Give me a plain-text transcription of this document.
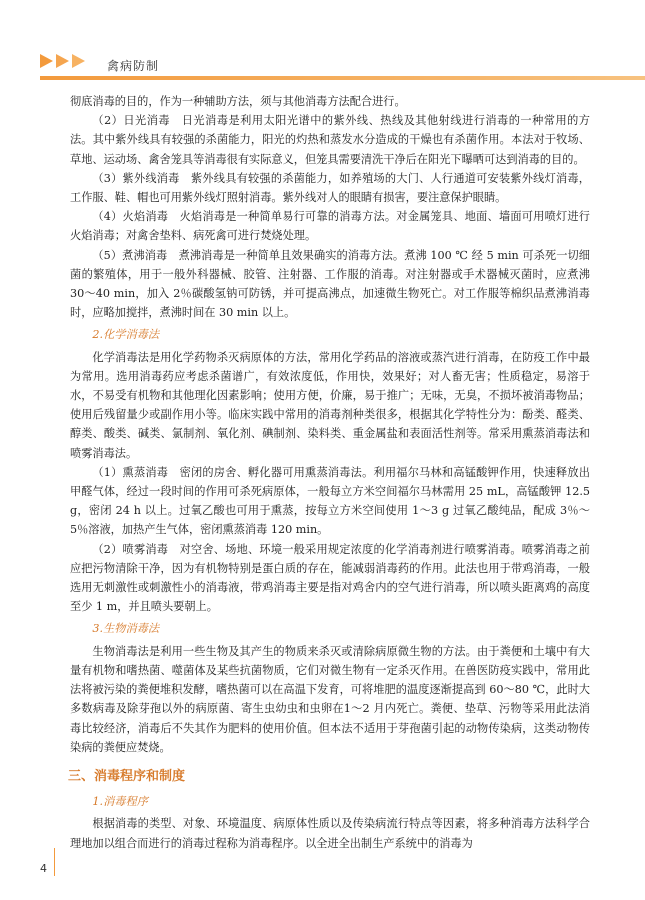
禽病防制

彻底消毒的目的，作为一种辅助方法，须与其他消毒方法配合进行。

（2）日光消毒　日光消毒是利用太阳光谱中的紫外线、热线及其他射线进行消毒的一种常用的方法。其中紫外线具有较强的杀菌能力，阳光的灼热和蒸发水分造成的干燥也有杀菌作用。本法对于牧场、草地、运动场、禽舍笼具等消毒很有实际意义，但笼具需要清洗干净后在阳光下曝晒可达到消毒的目的。

（3）紫外线消毒　紫外线具有较强的杀菌能力，如养殖场的大门、人行通道可安装紫外线灯消毒，工作服、鞋、帽也可用紫外线灯照射消毒。紫外线对人的眼睛有损害，要注意保护眼睛。

（4）火焰消毒　火焰消毒是一种简单易行可靠的消毒方法。对金属笼具、地面、墙面可用喷灯进行火焰消毒；对禽舍垫料、病死禽可进行焚烧处理。

（5）煮沸消毒　煮沸消毒是一种简单且效果确实的消毒方法。煮沸 100 ℃ 经 5 min 可杀死一切细菌的繁殖体，用于一般外科器械、胶管、注射器、工作服的消毒。对注射器或手术器械灭菌时，应煮沸 30～40 min，加入 2％碳酸氢钠可防锈，并可提高沸点，加速微生物死亡。对工作服等棉织品煮沸消毒时，应略加搅拌，煮沸时间在 30 min 以上。

2.化学消毒法

化学消毒法是用化学药物杀灭病原体的方法，常用化学药品的溶液或蒸汽进行消毒，在防疫工作中最为常用。选用消毒药应考虑杀菌谱广，有效浓度低，作用快，效果好；对人畜无害；性质稳定，易溶于水，不易受有机物和其他理化因素影响；使用方便，价廉，易于推广；无味，无臭，不损坏被消毒物品；使用后残留量少或副作用小等。临床实践中常用的消毒剂种类很多，根据其化学特性分为：酚类、醛类、醇类、酸类、碱类、氯制剂、氧化剂、碘制剂、染料类、重金属盐和表面活性剂等。常采用熏蒸消毒法和喷雾消毒法。

（1）熏蒸消毒　密闭的房舍、孵化器可用熏蒸消毒法。利用福尔马林和高锰酸钾作用，快速释放出甲醛气体，经过一段时间的作用可杀死病原体，一般每立方米空间福尔马林需用 25 mL，高锰酸钾 12.5 g，密闭 24 h 以上。过氧乙酸也可用于熏蒸，按每立方米空间使用 1～3 g 过氧乙酸纯品，配成 3％～5％溶液，加热产生气体，密闭熏蒸消毒 120 min。

（2）喷雾消毒　对空舍、场地、环境一般采用规定浓度的化学消毒剂进行喷雾消毒。喷雾消毒之前应把污物清除干净，因为有机物特别是蛋白质的存在，能减弱消毒药的作用。此法也用于带鸡消毒，一般选用无刺激性或刺激性小的消毒液，带鸡消毒主要是指对鸡舍内的空气进行消毒，所以喷头距离鸡的高度至少 1 m，并且喷头要朝上。

3.生物消毒法

生物消毒法是利用一些生物及其产生的物质来杀灭或清除病原微生物的方法。由于粪便和土壤中有大量有机物和嗜热菌、噬菌体及某些抗菌物质，它们对微生物有一定杀灭作用。在兽医防疫实践中，常用此法将被污染的粪便堆积发酵，嗜热菌可以在高温下发育，可将堆肥的温度逐渐提高到 60～80 ℃，此时大多数病毒及除芽孢以外的病原菌、寄生虫幼虫和虫卵在1～2 月内死亡。粪便、垫草、污物等采用此法消毒比较经济，消毒后不失其作为肥料的使用价值。但本法不适用于芽孢菌引起的动物传染病，这类动物传染病的粪便应焚烧。

三、消毒程序和制度
1.消毒程序

根据消毒的类型、对象、环境温度、病原体性质以及传染病流行特点等因素，将多种消毒方法科学合理地加以组合而进行的消毒过程称为消毒程序。以全进全出制生产系统中的消毒为

4
